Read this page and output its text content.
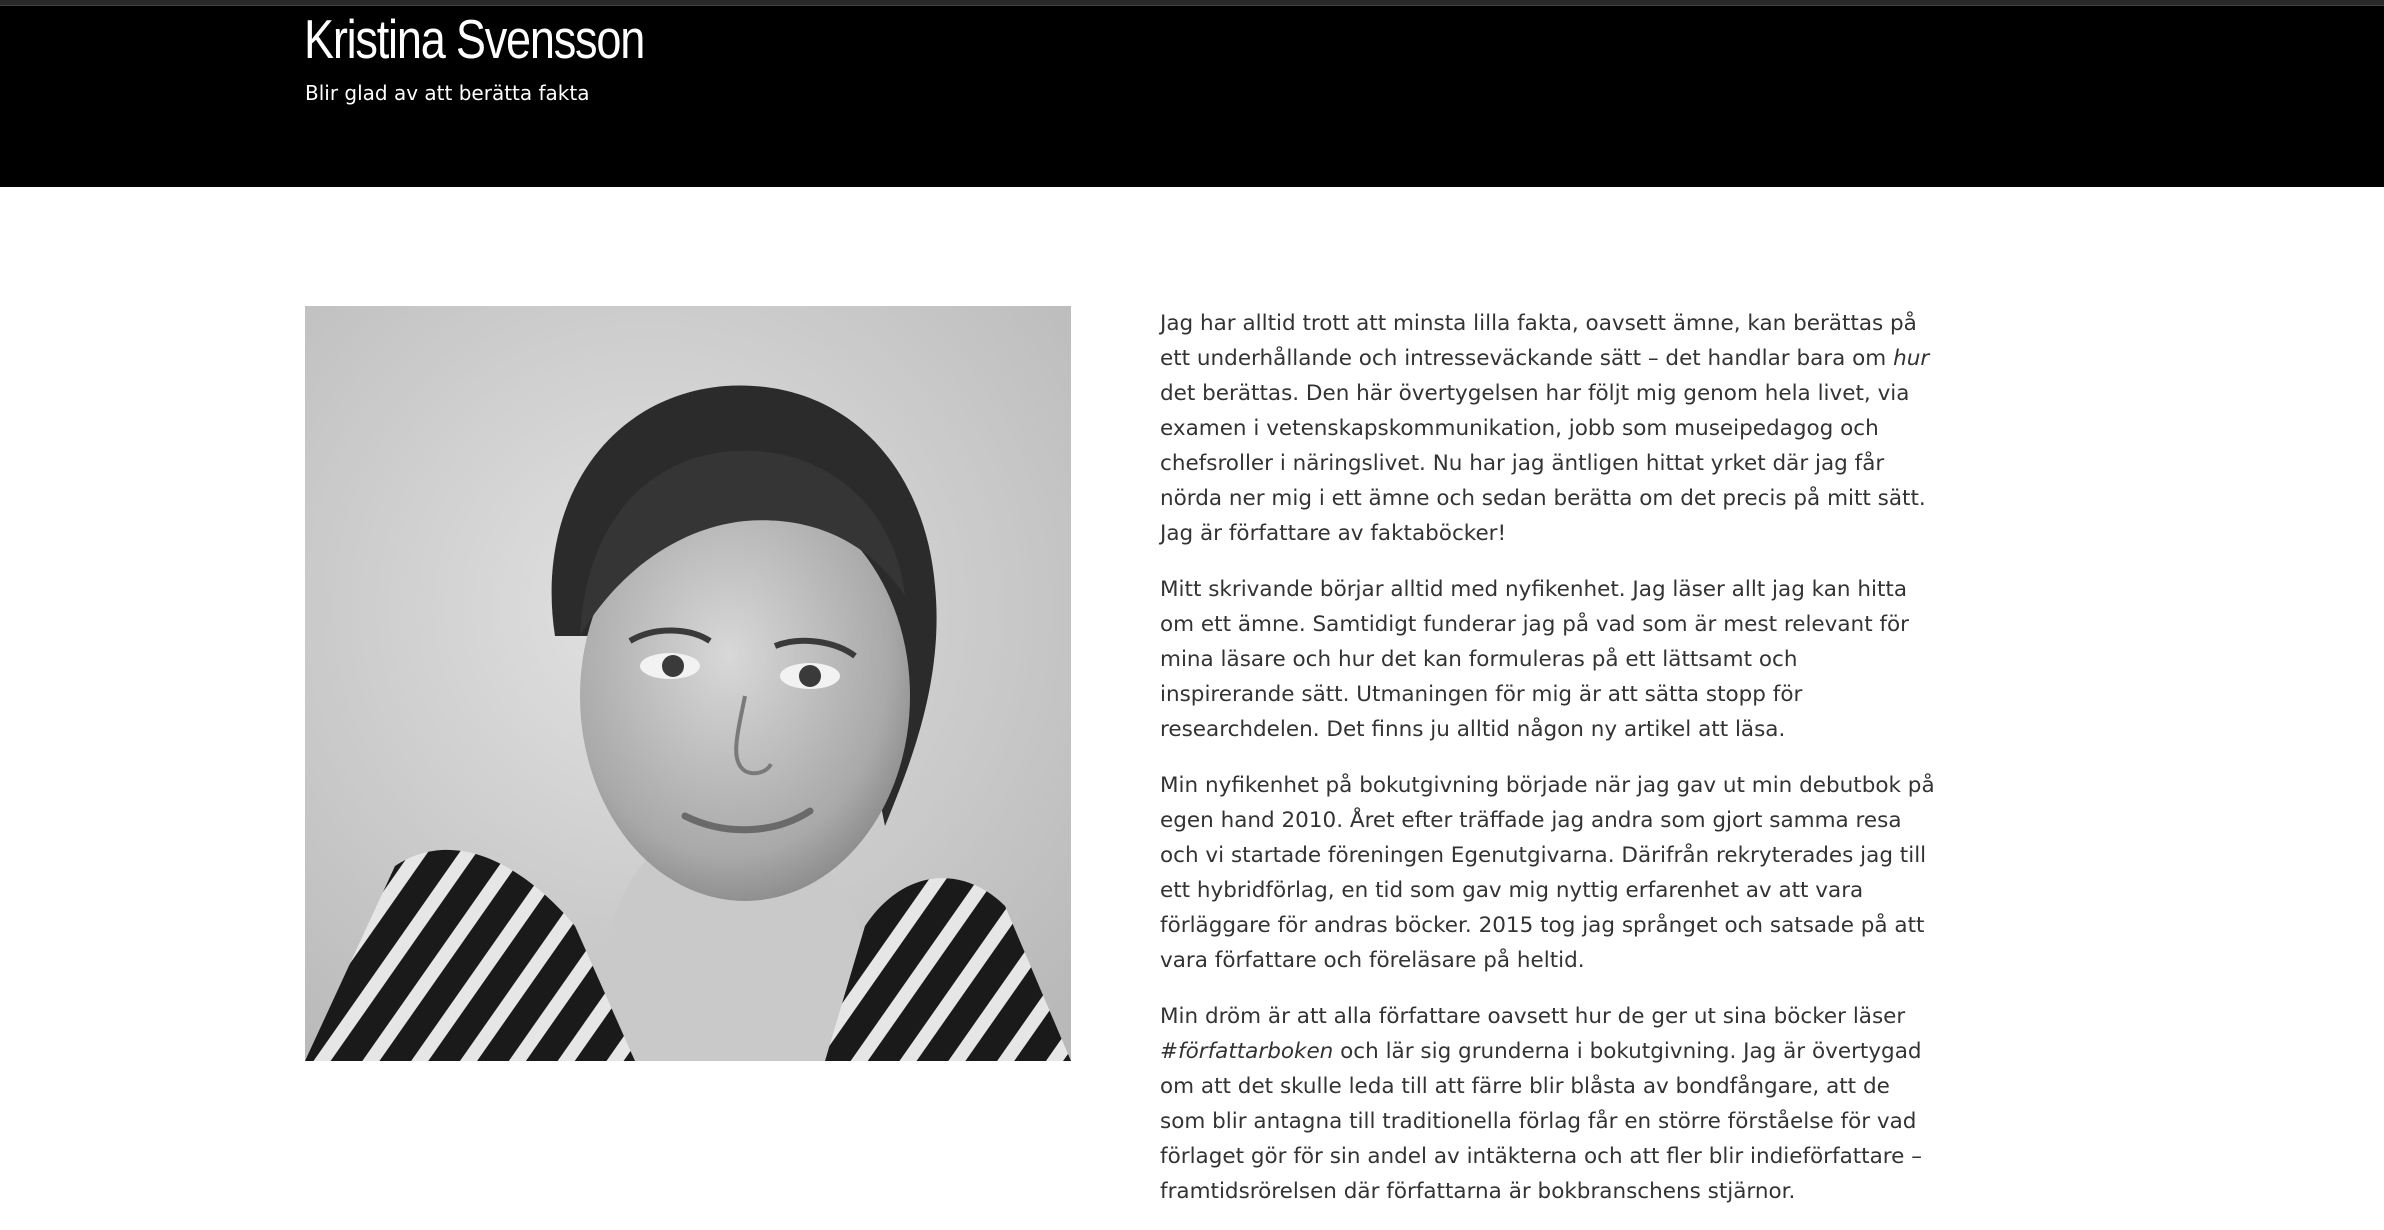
Kristina Svensson

Blir glad av att berätta fakta

Jag har alltid trott att minsta lilla fakta, oavsett ämne, kan berättas på ett underhållande och intresseväckande sätt – det handlar bara om hur det berättas. Den här övertygelsen har följt mig genom hela livet, via examen i vetenskapskommunikation, jobb som museipedagog och chefsroller i näringslivet. Nu har jag äntligen hittat yrket där jag får nörda ner mig i ett ämne och sedan berätta om det precis på mitt sätt. Jag är författare av faktaböcker!

Mitt skrivande börjar alltid med nyfikenhet. Jag läser allt jag kan hitta om ett ämne. Samtidigt funderar jag på vad som är mest relevant för mina läsare och hur det kan formuleras på ett lättsamt och inspirerande sätt. Utmaningen för mig är att sätta stopp för researchdelen. Det finns ju alltid någon ny artikel att läsa.

Min nyfikenhet på bokutgivning började när jag gav ut min debutbok på egen hand 2010. Året efter träffade jag andra som gjort samma resa och vi startade föreningen Egenutgivarna. Därifrån rekryterades jag till ett hybridförlag, en tid som gav mig nyttig erfarenhet av att vara förläggare för andras böcker. 2015 tog jag språnget och satsade på att vara författare och föreläsare på heltid.

Min dröm är att alla författare oavsett hur de ger ut sina böcker läser #författarboken och lär sig grunderna i bokutgivning. Jag är övertygad om att det skulle leda till att färre blir blåsta av bondfångare, att de som blir antagna till traditionella förlag får en större förståelse för vad förlaget gör för sin andel av intäkterna och att fler blir indieförfattare – framtidsrörelsen där författarna är bokbranschens stjärnor.
